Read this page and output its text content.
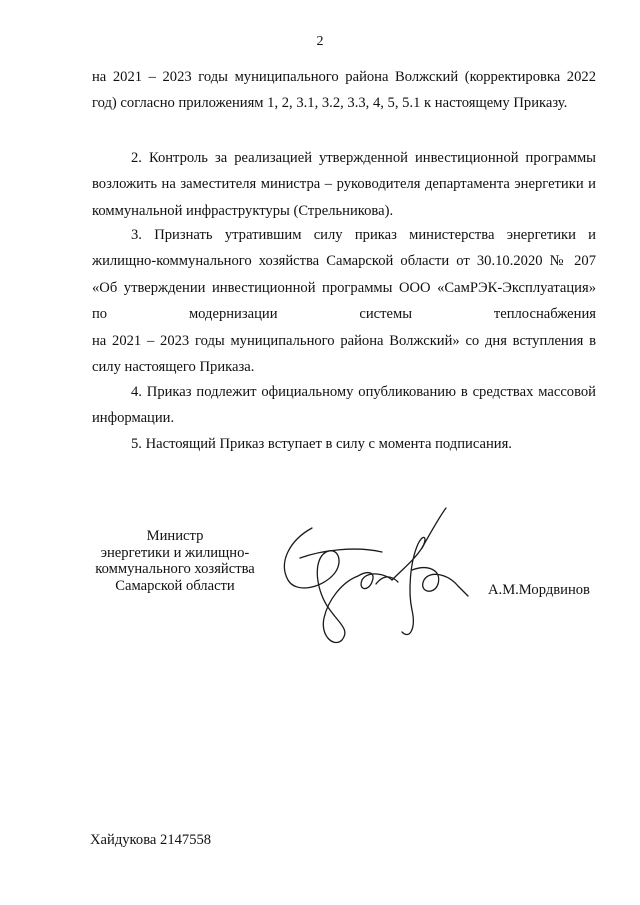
2

на 2021 – 2023 годы муниципального района Волжский (корректировка 2022 год) согласно приложениям 1, 2, 3.1, 3.2, 3.3, 4, 5, 5.1 к настоящему Приказу.

2. Контроль за реализацией утвержденной инвестиционной программы возложить на заместителя министра – руководителя департамента энергетики и коммунальной инфраструктуры (Стрельникова).

3. Признать утратившим силу приказ министерства энергетики и жилищно-коммунального хозяйства Самарской области от 30.10.2020 № 207 «Об утверждении инвестиционной программы ООО «СамРЭК-Эксплуатация» по модернизации системы теплоснабжения

на 2021 – 2023 годы муниципального района Волжский» со дня вступления в силу настоящего Приказа.

4. Приказ подлежит официальному опубликованию в средствах массовой информации.

5. Настоящий Приказ вступает в силу с момента подписания.

Министр
энергетики и жилищно-
коммунального хозяйства
Самарской области	А.М.Мордвинов
Хайдукова 2147558
